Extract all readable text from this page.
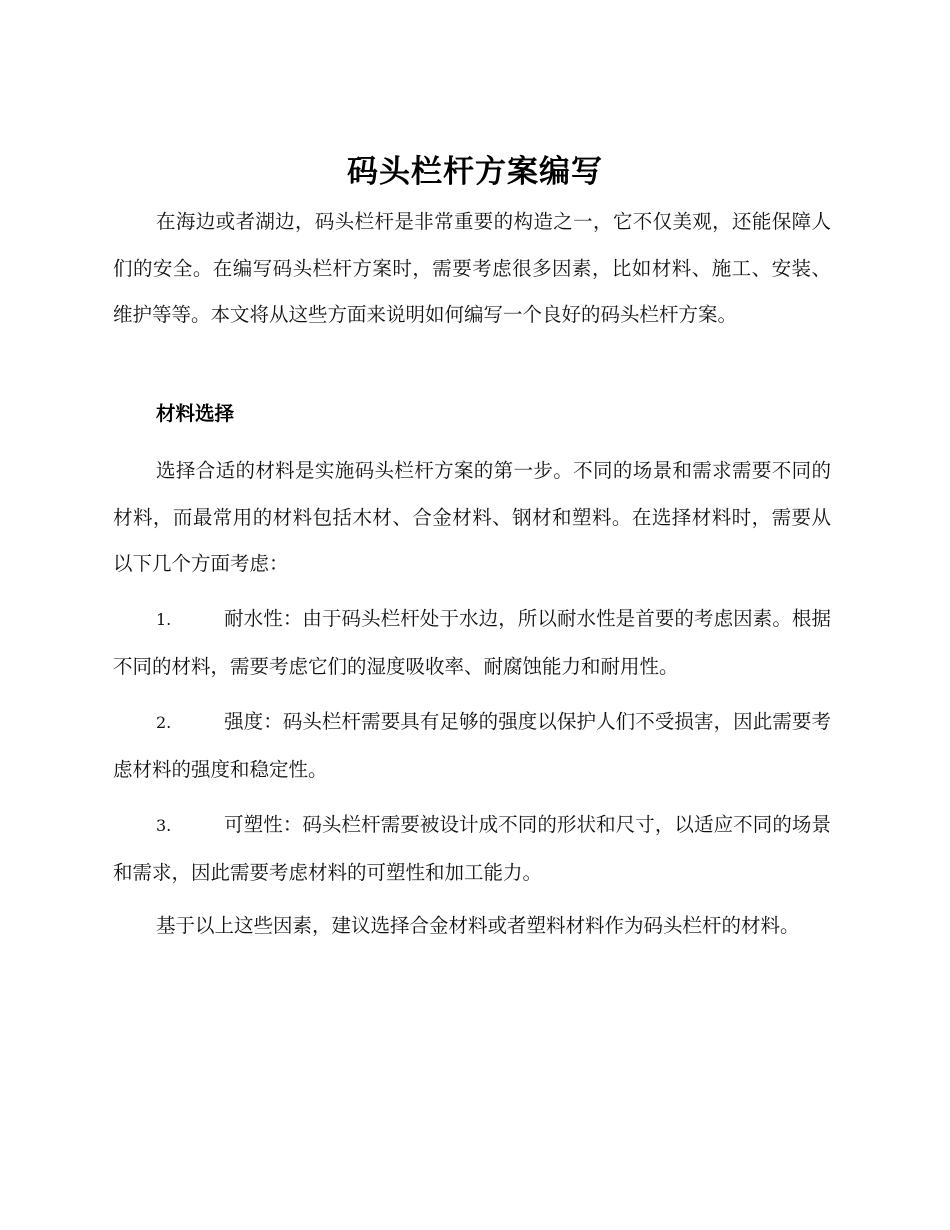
码头栏杆方案编写

在海边或者湖边，码头栏杆是非常重要的构造之一，它不仅美观，还能保障人们的安全。在编写码头栏杆方案时，需要考虑很多因素，比如材料、施工、安装、维护等等。本文将从这些方面来说明如何编写一个良好的码头栏杆方案。

材料选择

选择合适的材料是实施码头栏杆方案的第一步。不同的场景和需求需要不同的材料，而最常用的材料包括木材、合金材料、钢材和塑料。在选择材料时，需要从以下几个方面考虑：

1.	耐水性：由于码头栏杆处于水边，所以耐水性是首要的考虑因素。根据不同的材料，需要考虑它们的湿度吸收率、耐腐蚀能力和耐用性。

2.	强度：码头栏杆需要具有足够的强度以保护人们不受损害，因此需要考虑材料的强度和稳定性。

3.	可塑性：码头栏杆需要被设计成不同的形状和尺寸，以适应不同的场景和需求，因此需要考虑材料的可塑性和加工能力。

基于以上这些因素，建议选择合金材料或者塑料材料作为码头栏杆的材料。
